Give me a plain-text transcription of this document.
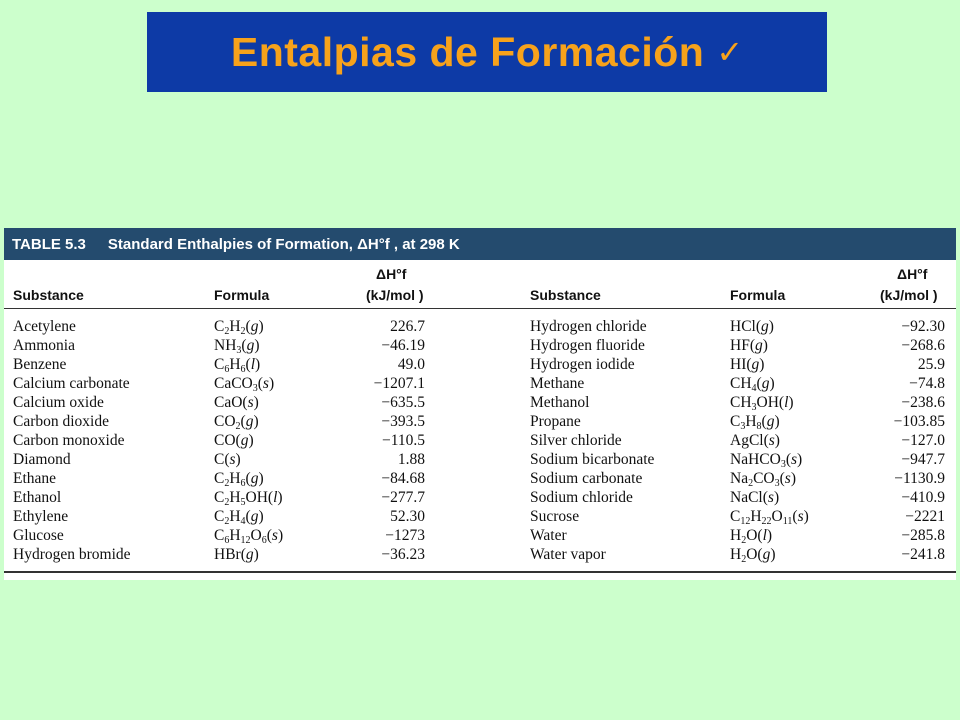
Entalpias de Formación ✓
TABLE 5.3 Standard Enthalpies of Formation, ΔH°f , at 298 K
ΔH°f
Substance	Formula	(kJ/mol )
ΔH°f
Substance	Formula	(kJ/mol )
Acetylene	$C_2H_2(g)$	226.7
Ammonia	$NH_3(g)$	−46.19
Benzene	$C_6H_6(l)$	49.0
Calcium carbonate	CaCO$_3$(s)	−1207.1
Calcium oxide	CaO(s)	−635.5
Carbon dioxide	$CO_2(g)$	−393.5
Carbon monoxide	CO(g)	−110.5
Diamond	C(s)	1.88
Ethane	$C_2H_6(g)$	−84.68
Ethanol	$C_2H_5OH(l)$	−277.7
Ethylene	$C_2H_4(g)$	52.30
Glucose	$C_6H_{12}O_6(s)$	−1273
Hydrogen bromide	HBr(g)	−36.23
Hydrogen chloride	HCl(g)	−92.30
Hydrogen fluoride	HF(g)	−268.6
Hydrogen iodide	HI(g)	25.9
Methane	$CH_4(g)$	−74.8
Methanol	$CH_3OH(l)$	−238.6
Propane	$C_3H_8(g)$	−103.85
Silver chloride	AgCl(s)	−127.0
Sodium bicarbonate	NaHCO$_3$(s)	−947.7
Sodium carbonate	$Na_2CO_3(s)$	−1130.9
Sodium chloride	NaCl(s)	−410.9
Sucrose	$C_{12}H_{22}O_{11}(s)$	−2221
Water	$H_2O(l)$	−285.8
Water vapor	$H_2O(g)$	−241.8
